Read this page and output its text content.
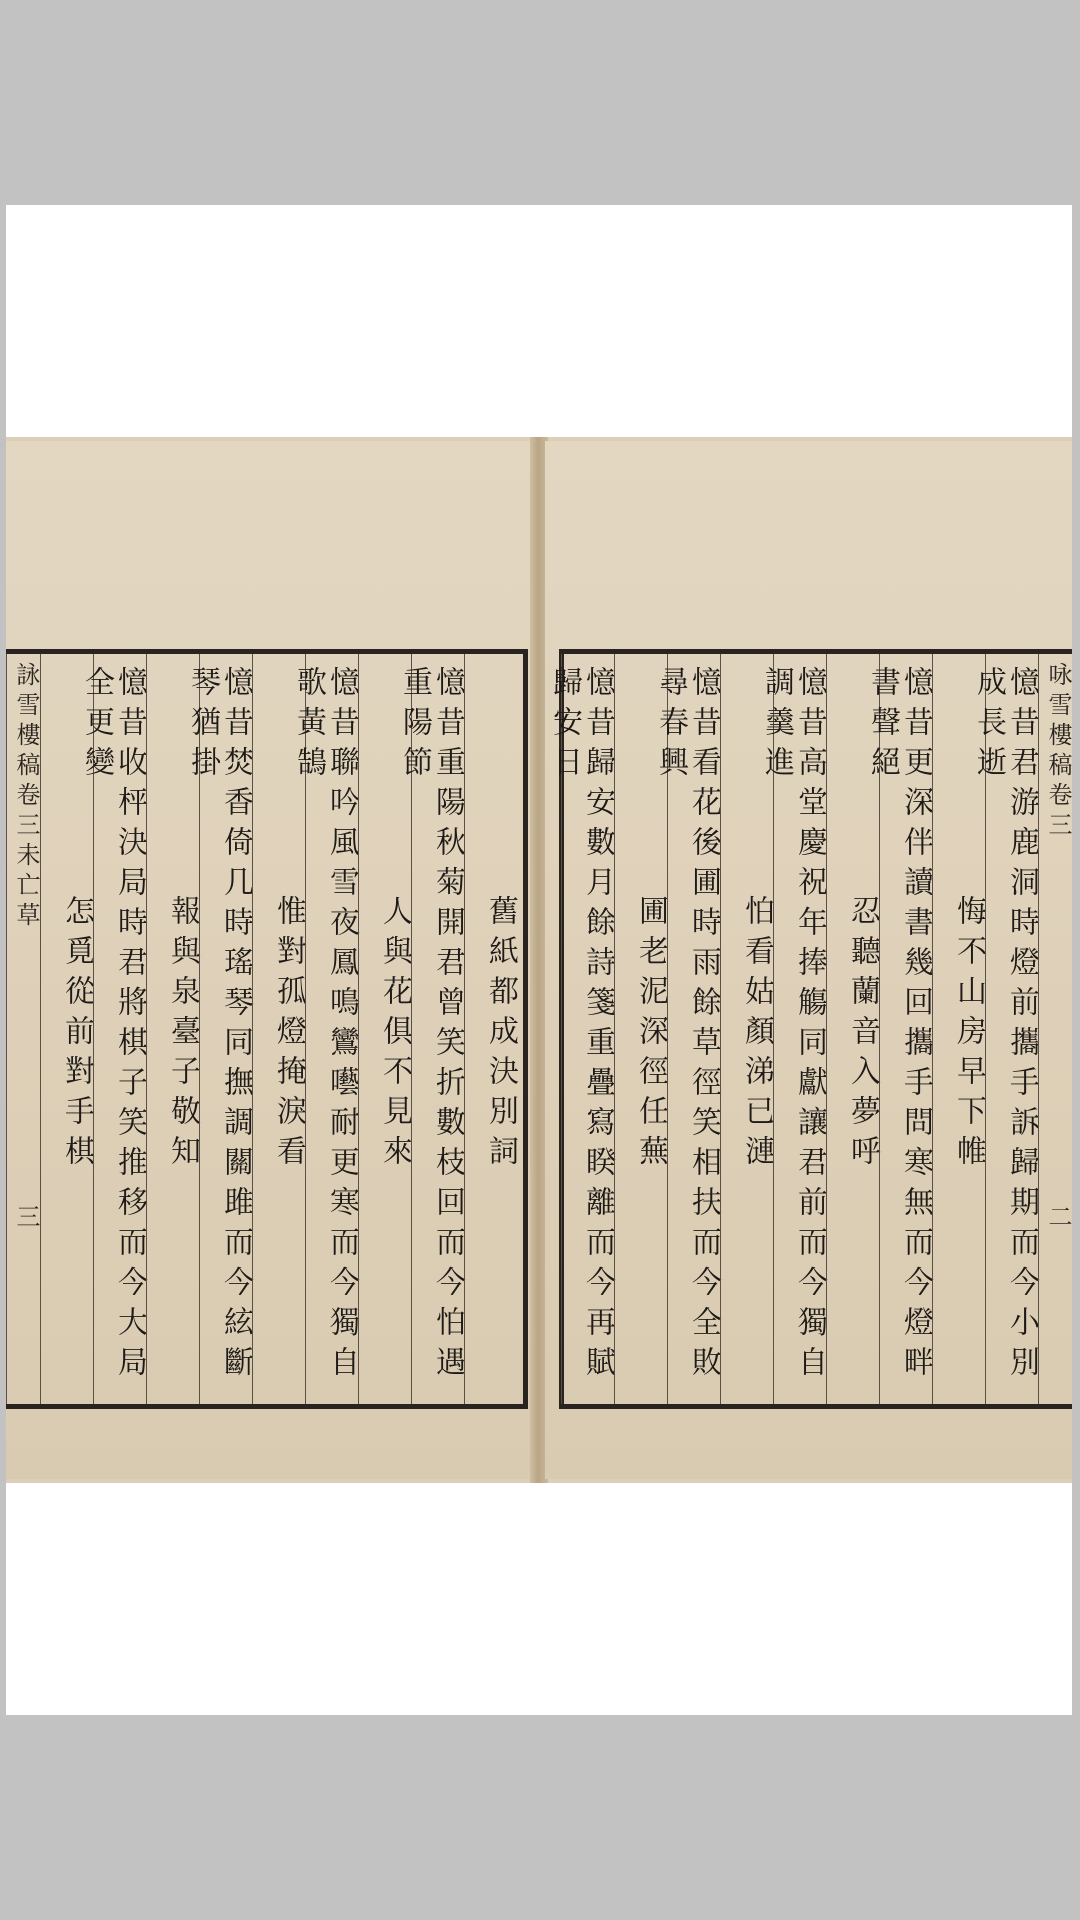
舊紙都成決別詞
憶昔重陽秋菊開君曾笑折數枝回而今怕遇重陽節
人與花俱不見來
憶昔聯吟風雪夜鳳鳴鸞囈耐更寒而今獨自歌黃鵠
惟對孤燈掩淚看
憶昔焚香倚几時瑤琴同撫調關雎而今絃斷琴猶掛
報與泉臺子敬知
憶昔收枰決局時君將棋子笑推移而今大局全更變
怎覓從前對手棋
詠雪樓稿
卷三
未亡草
三
咏雪樓稿
卷三
二
憶昔君游鹿洞時燈前攜手訴歸期而今小別成長逝
悔不山房早下帷
憶昔更深伴讀書幾回攜手問寒無而今燈畔書聲絕
忍聽蘭音入夢呼
憶昔高堂慶祝年捧觴同獻讓君前而今獨自調羹進
怕看姑顏涕已漣
憶昔看花後圃時雨餘草徑笑相扶而今全敗尋春興
圃老泥深徑任蕪
憶昔歸安數月餘詩箋重疊寫睽離而今再賦歸安日
